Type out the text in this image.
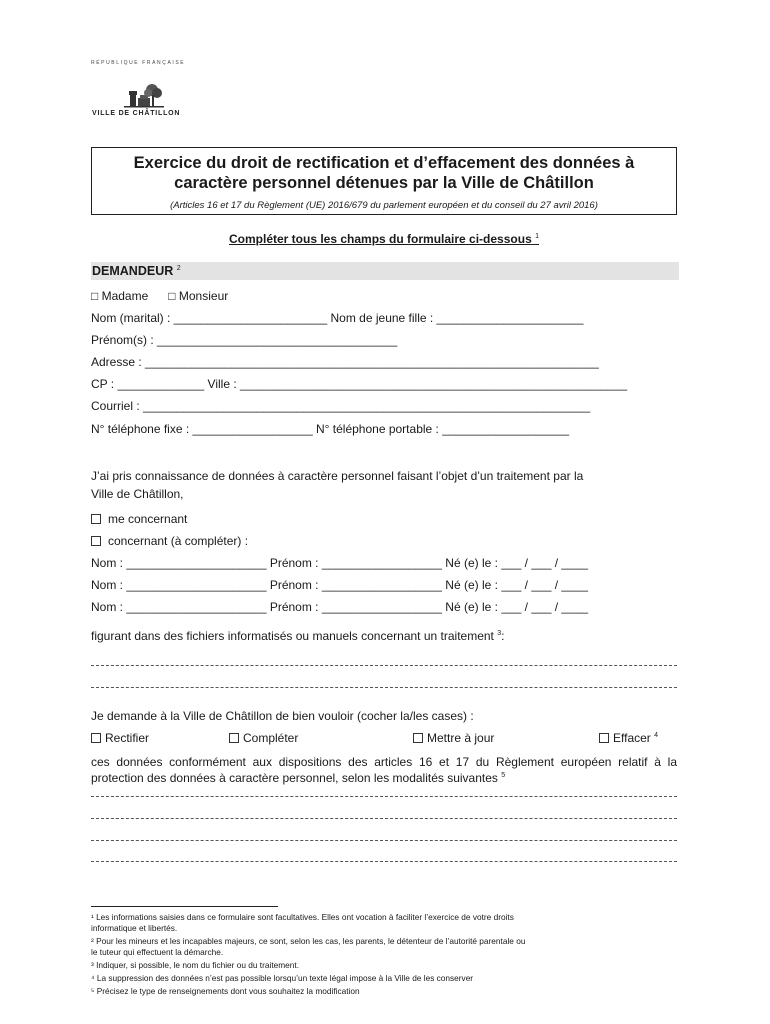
RÉPUBLIQUE FRANÇAISE
VILLE DE CHÂTILLON
Exercice du droit de rectification et d’effacement des données à
caractère personnel détenues par la Ville de Châtillon
(Articles 16 et 17 du Règlement (UE) 2016/679 du parlement européen et du conseil du 27 avril 2016)
Compléter tous les champs du formulaire ci-dessous $^1$
DEMANDEUR $^2$
□ Madame □ Monsieur
Nom (marital) : _______________________ Nom de jeune fille : ______________________
Prénom(s) : ____________________________________
Adresse : ____________________________________________________________________
CP : _____________ Ville : __________________________________________________________
Courriel : ___________________________________________________________________
N° téléphone fixe : __________________ N° téléphone portable : ___________________
J’ai pris connaissance de données à caractère personnel faisant l’objet d’un traitement par la
Ville de Châtillon,
me concernant
concernant (à compléter) :
Nom : _____________________ Prénom : __________________ Né (e) le : ___ / ___ / ____
Nom : _____________________ Prénom : __________________ Né (e) le : ___ / ___ / ____
Nom : _____________________ Prénom : __________________ Né (e) le : ___ / ___ / ____
figurant dans des fichiers informatisés ou manuels concernant un traitement $^3$:
Je demande à la Ville de Châtillon de bien vouloir (cocher la/les cases) :
Rectifier	Compléter	Mettre à jour	Effacer $^4$
ces données conformément aux dispositions des articles 16 et 17 du Règlement européen relatif à la protection des données à caractère personnel, selon les modalités suivantes $^5$
¹ Les informations saisies dans ce formulaire sont facultatives. Elles ont vocation à faciliter l’exercice de votre droits
informatique et libertés.
² Pour les mineurs et les incapables majeurs, ce sont, selon les cas, les parents, le détenteur de l’autorité parentale ou
le tuteur qui effectuent la démarche.
³ Indiquer, si possible, le nom du fichier ou du traitement.
⁴ La suppression des données n’est pas possible lorsqu’un texte légal impose à la Ville de les conserver
⁵ Précisez le type de renseignements dont vous souhaitez la modification
